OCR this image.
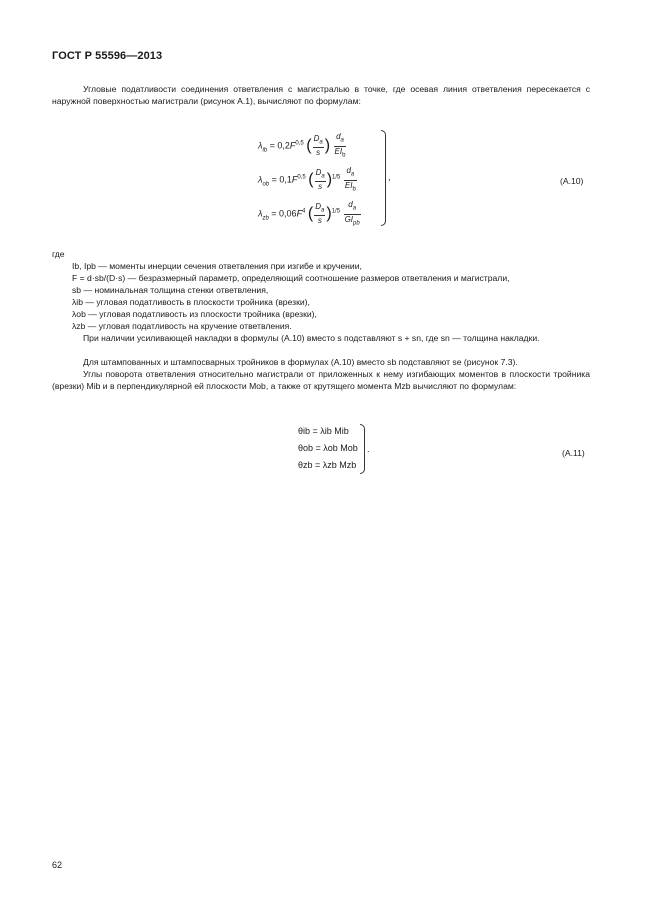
ГОСТ Р 55596—2013
Угловые податливости соединения ответвления с магистралью в точке, где осевая линия ответвления пересекается с наружной поверхностью магистрали (рисунок А.1), вычисляют по формулам:
$\lambda_{ib} = 0,2F^{0,5}$ ( $\frac{D_a}{s}$ ) $\frac{d_a}{EI_b}$
$\lambda_{ob} = 0,1F^{0,5}$ ( $\frac{D_a}{s} )^{1/5} \frac{d_a}{EI_b}$
$\lambda_{zb} = 0,06F^4$ ( $\frac{D_a}{s} )^{1/5} \frac{d_a}{GI_{pb}}$
,	(А.10)
где
Ib, Ipb — моменты инерции сечения ответвления при изгибе и кручении,
F = d·sb/(D·s) — безразмерный параметр, определяющий соотношение размеров ответвления и магистрали,
sb — номинальная толщина стенки ответвления,
λib — угловая податливость в плоскости тройника (врезки),
λob — угловая податливость из плоскости тройника (врезки),
λzb — угловая податливость на кручение ответвления.
При наличии усиливающей накладки в формулы (А.10) вместо s подставляют s + sn, где sn — толщина накладки.
Для штампованных и штампосварных тройников в формулах (А.10) вместо sb подставляют se (рисунок 7.3).
Углы поворота ответвления относительно магистрали от приложенных к нему изгибающих моментов в плоскости тройника (врезки) Mib и в перпендикулярной ей плоскости Mob, а также от крутящего момента Mzb вычисляют по формулам:
θib = λib Mib
θob = λob Mob
θzb = λzb Mzb
.	(А.11)
62
